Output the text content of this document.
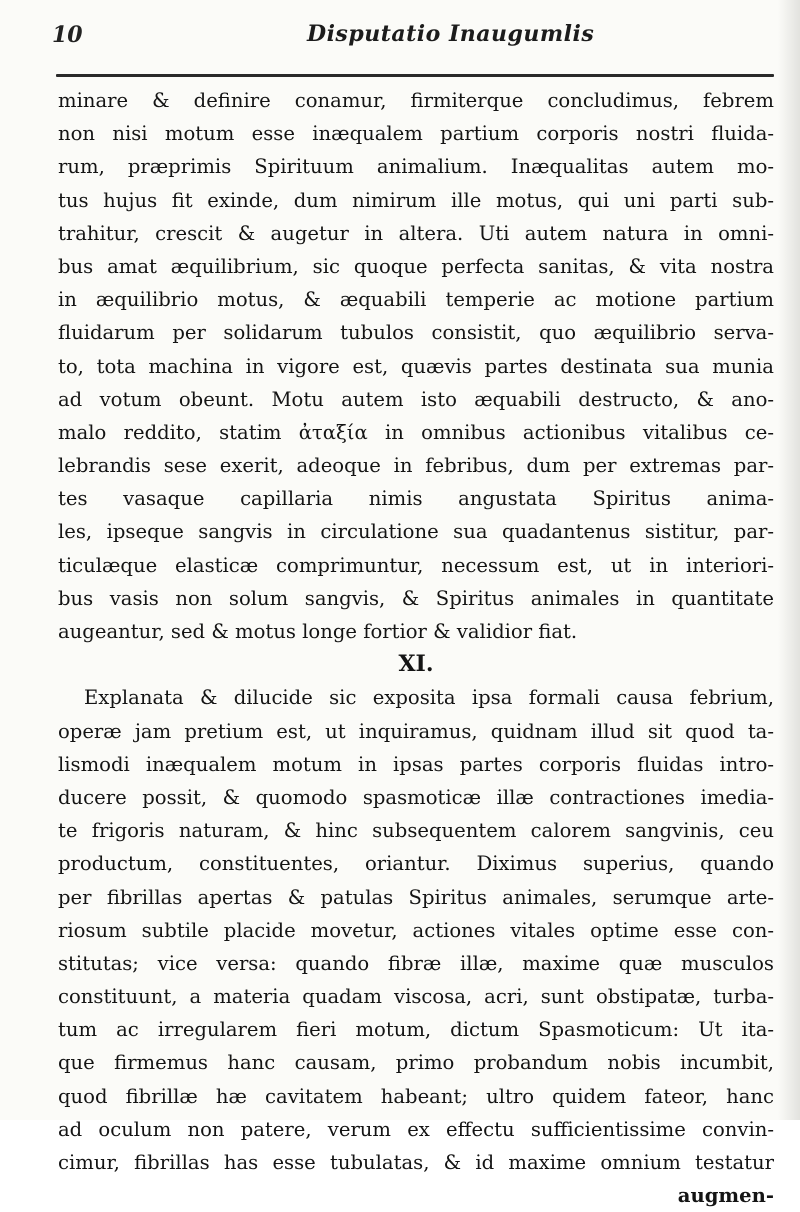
10	Disputatio Inaugumlis
minare & definire conamur, firmiterque concludimus, febrem
non nisi motum esse inæqualem partium corporis nostri fluida-
rum, præprimis Spirituum animalium. Inæqualitas autem mo-
tus hujus fit exinde, dum nimirum ille motus, qui uni parti sub-
trahitur, crescit & augetur in altera. Uti autem natura in omni-
bus amat æquilibrium, sic quoque perfecta sanitas, & vita nostra
in æquilibrio motus, & æquabili temperie ac motione partium
fluidarum per solidarum tubulos consistit, quo æquilibrio serva-
to, tota machina in vigore est, quævis partes destinata sua munia
ad votum obeunt. Motu autem isto æquabili destructo, & ano-
malo reddito, statim ἀταξία in omnibus actionibus vitalibus ce-
lebrandis sese exerit, adeoque in febribus, dum per extremas par-
tes vasaque capillaria nimis angustata Spiritus anima-
les, ipseque sangvis in circulatione sua quadantenus sistitur, par-
ticulæque elasticæ comprimuntur, necessum est, ut in interiori-
bus vasis non solum sangvis, & Spiritus animales in quantitate
augeantur, sed & motus longe fortior & validior fiat.
XI.
Explanata & dilucide sic exposita ipsa formali causa febrium,
operæ jam pretium est, ut inquiramus, quidnam illud sit quod ta-
lismodi inæqualem motum in ipsas partes corporis fluidas intro-
ducere possit, & quomodo spasmoticæ illæ contractiones imedia-
te frigoris naturam, & hinc subsequentem calorem sangvinis, ceu
productum, constituentes, oriantur. Diximus superius, quando
per fibrillas apertas & patulas Spiritus animales, serumque arte-
riosum subtile placide movetur, actiones vitales optime esse con-
stitutas; vice versa: quando fibræ illæ, maxime quæ musculos
constituunt, a materia quadam viscosa, acri, sunt obstipatæ, turba-
tum ac irregularem fieri motum, dictum Spasmoticum: Ut ita-
que firmemus hanc causam, primo probandum nobis incumbit,
quod fibrillæ hæ cavitatem habeant; ultro quidem fateor, hanc
ad oculum non patere, verum ex effectu sufficientissime convin-
cimur, fibrillas has esse tubulatas, & id maxime omnium testatur
augmen-
